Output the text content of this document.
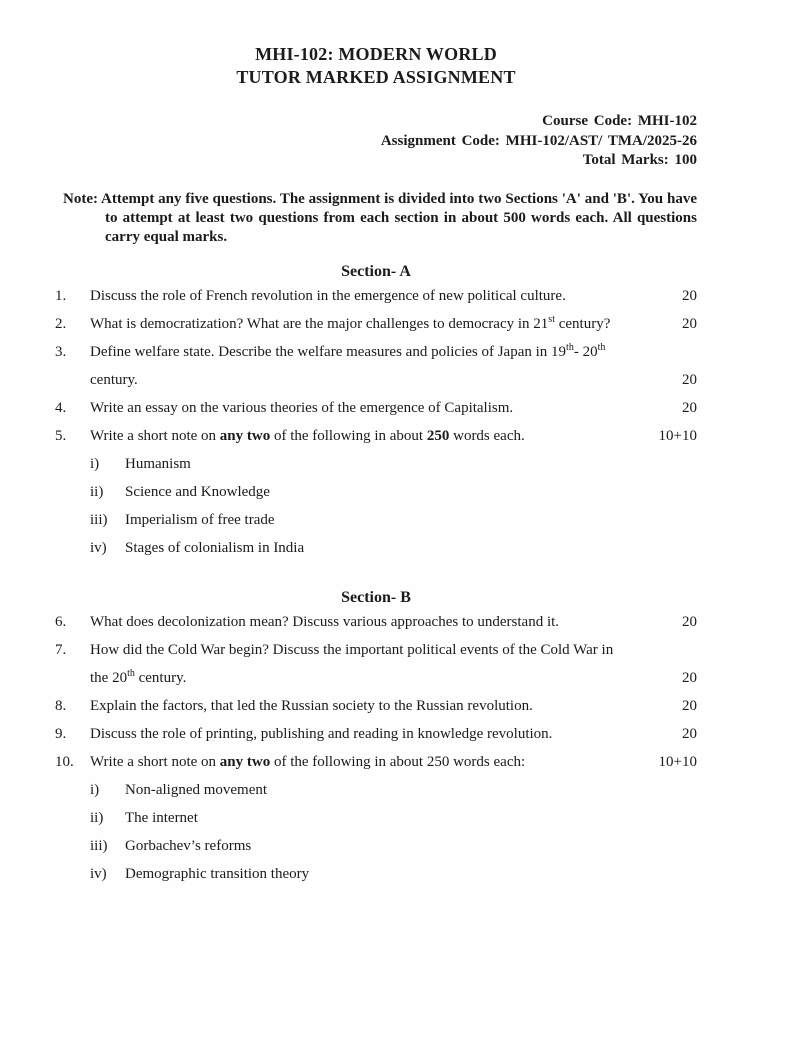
MHI-102: MODERN WORLD
TUTOR MARKED ASSIGNMENT
Course Code: MHI-102
Assignment Code: MHI-102/AST/ TMA/2025-26
Total Marks: 100

Note: Attempt any five questions. The assignment is divided into two Sections 'A' and 'B'. You have to attempt at least two questions from each section in about 500 words each. All questions carry equal marks.

Section- A
1.	Discuss the role of French revolution in the emergence of new political culture.	20
2.	What is democratization? What are the major challenges to democracy in 21st century?	20
3.	Define welfare state. Describe the welfare measures and policies of Japan in 19th- 20th
century.	20
4.	Write an essay on the various theories of the emergence of Capitalism.	20
5.	Write a short note on any two of the following in about 250 words each.	10+10
i)	Humanism
ii)	Science and Knowledge
iii)	Imperialism of free trade
iv)	Stages of colonialism in India
Section- B
6.	What does decolonization mean? Discuss various approaches to understand it.	20
7.	How did the Cold War begin? Discuss the important political events of the Cold War in
the 20th century.	20
8.	Explain the factors, that led the Russian society to the Russian revolution.	20
9.	Discuss the role of printing, publishing and reading in knowledge revolution.	20
10.	Write a short note on any two of the following in about 250 words each:	10+10
i)	Non-aligned movement
ii)	The internet
iii)	Gorbachev’s reforms
iv)	Demographic transition theory
